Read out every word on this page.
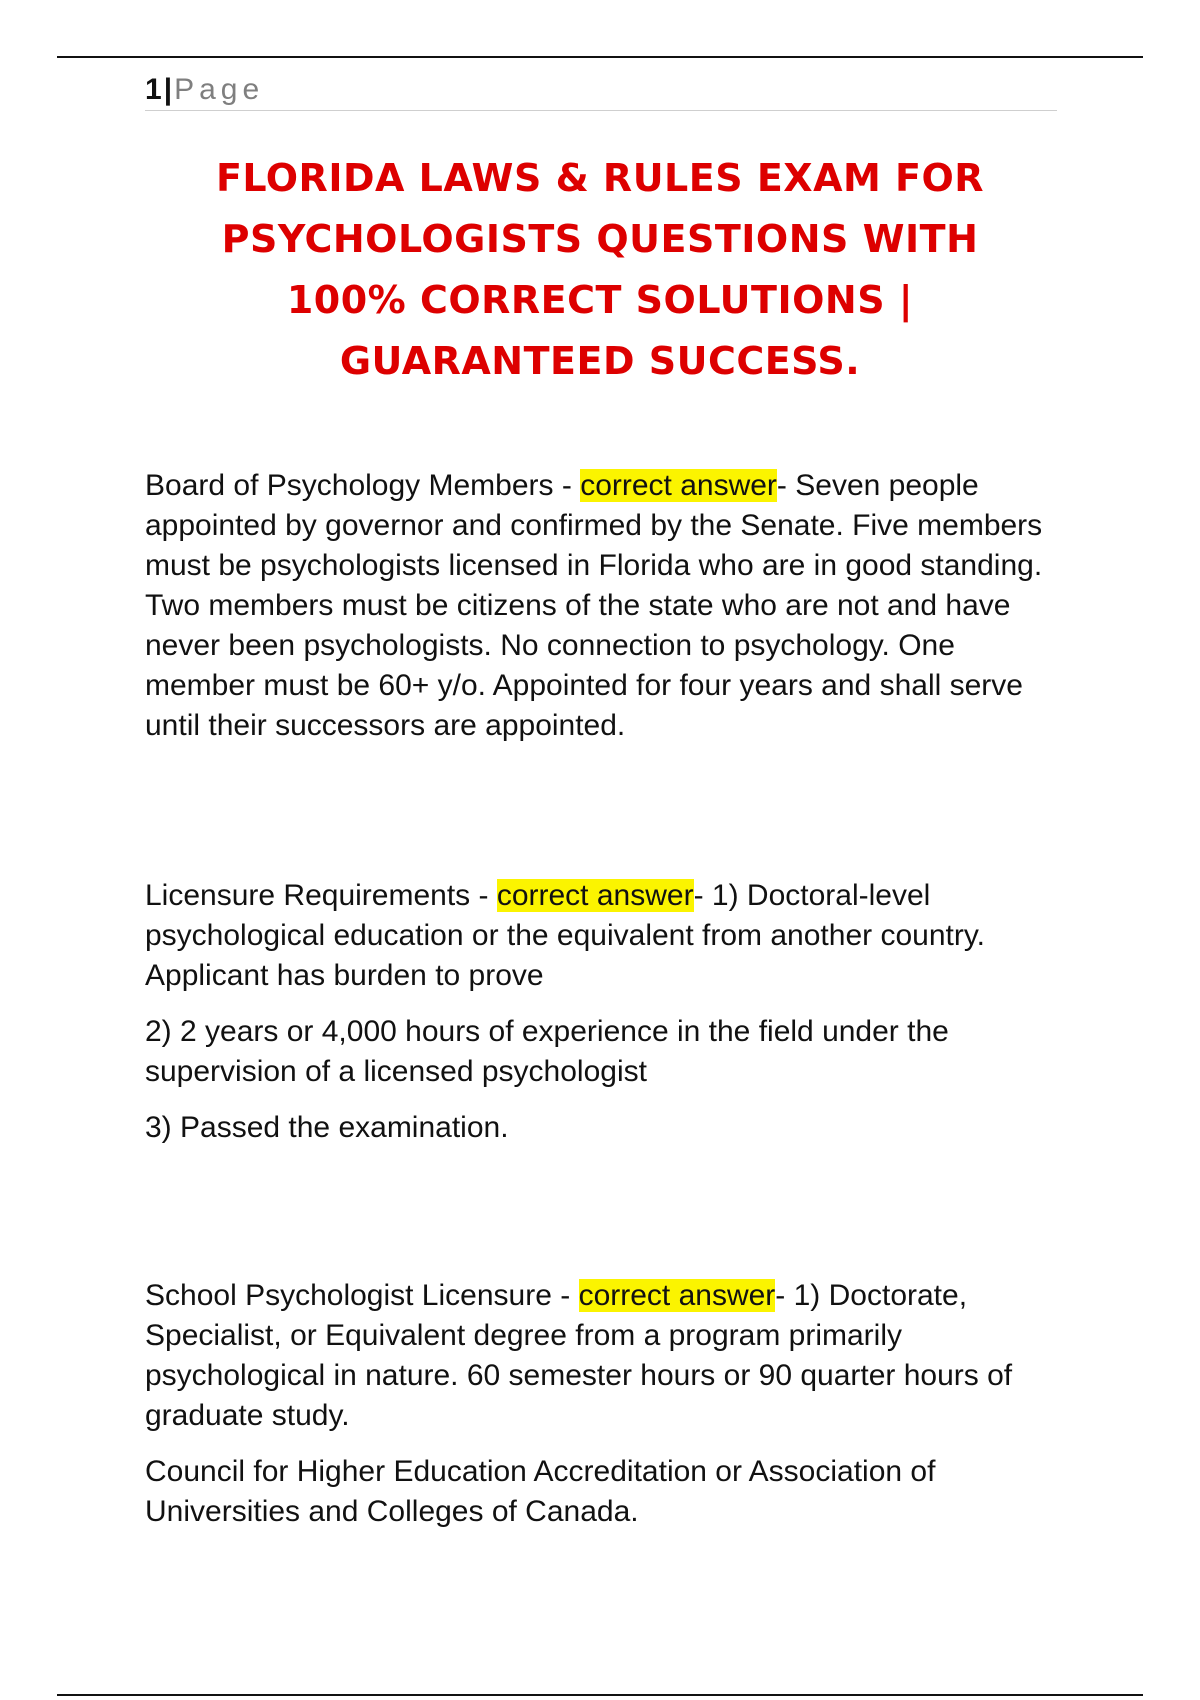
1|Page
FLORIDA LAWS & RULES EXAM FOR
PSYCHOLOGISTS QUESTIONS WITH
100% CORRECT SOLUTIONS |
GUARANTEED SUCCESS.

Board of Psychology Members - correct answer- Seven people appointed by governor and confirmed by the Senate. Five members must be psychologists licensed in Florida who are in good standing. Two members must be citizens of the state who are not and have never been psychologists. No connection to psychology. One member must be 60+ y/o. Appointed for four years and shall serve until their successors are appointed.

Licensure Requirements - correct answer- 1) Doctoral-level psychological education or the equivalent from another country. Applicant has burden to prove

2) 2 years or 4,000 hours of experience in the field under the supervision of a licensed psychologist

3) Passed the examination.

School Psychologist Licensure - correct answer- 1) Doctorate, Specialist, or Equivalent degree from a program primarily psychological in nature. 60 semester hours or 90 quarter hours of graduate study.

Council for Higher Education Accreditation or Association of Universities and Colleges of Canada.
